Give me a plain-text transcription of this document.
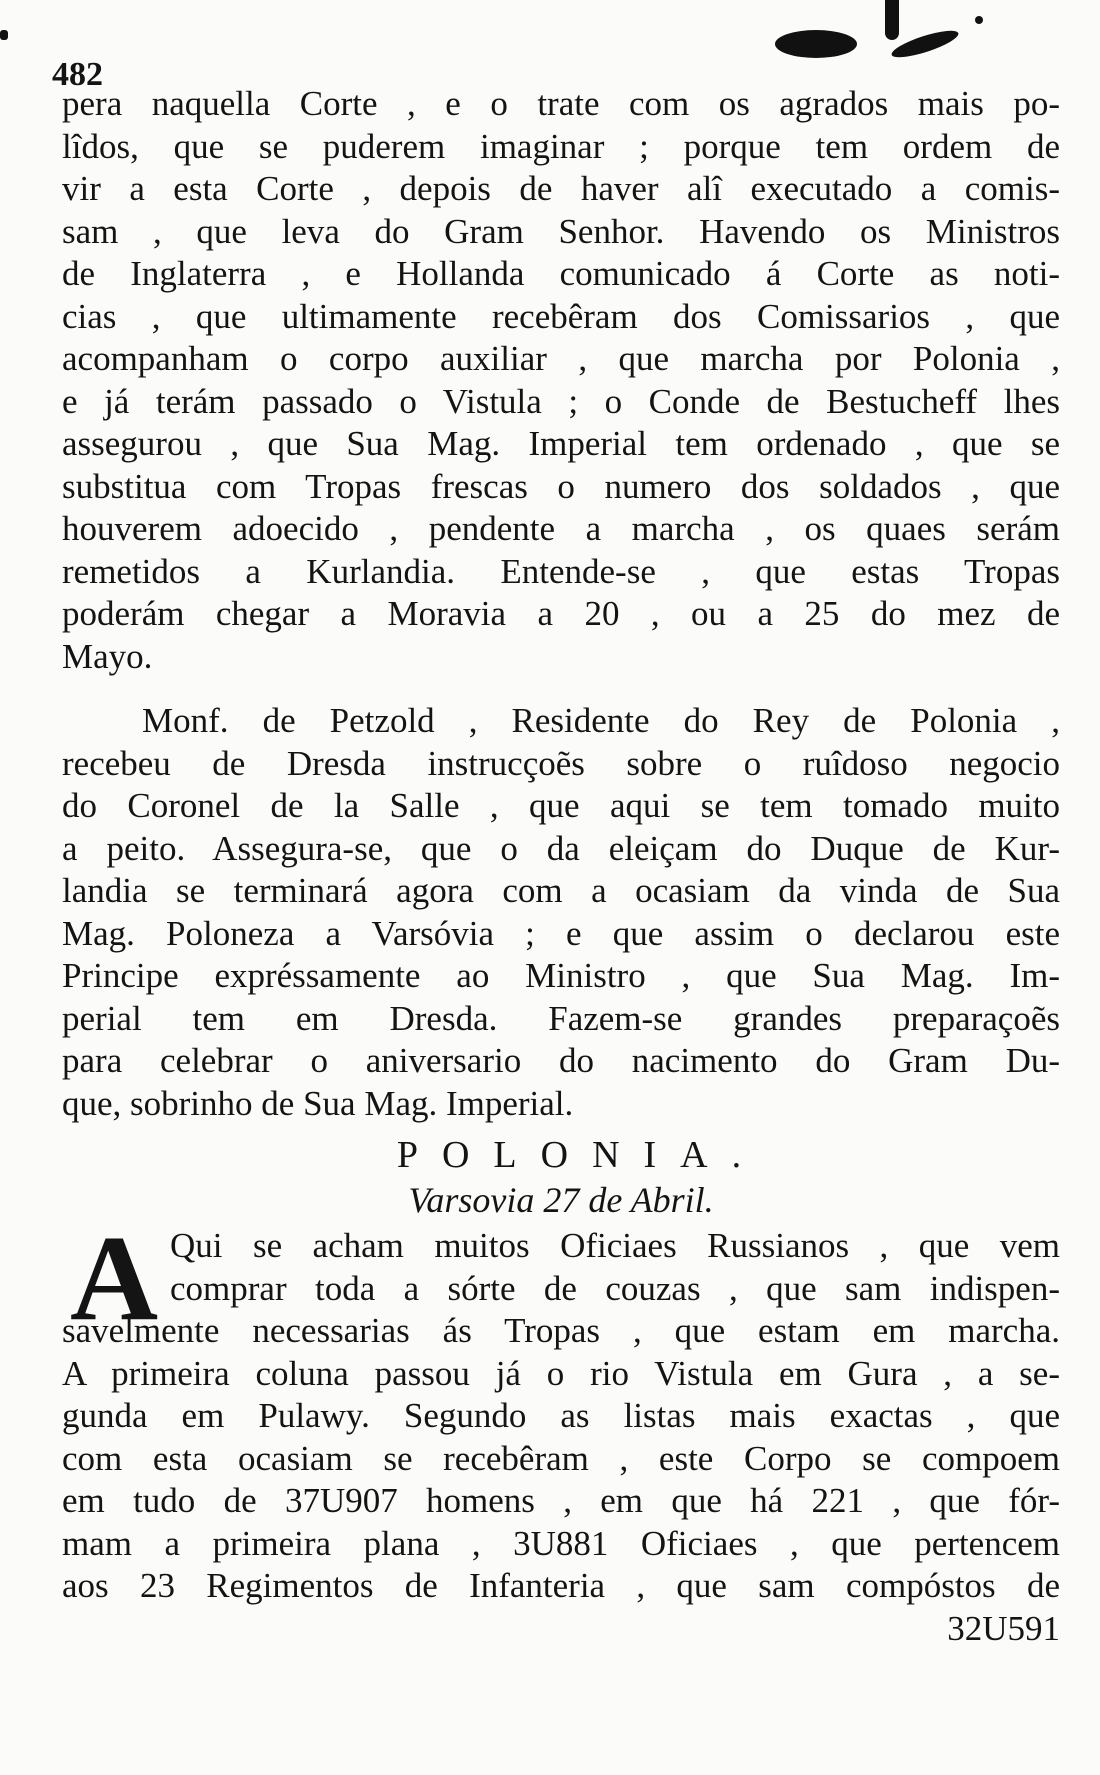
482
pera naquella Corte , e o trate com os agrados mais po-
lîdos, que se puderem imaginar ; porque tem ordem de
vir a esta Corte , depois de haver alî executado a comis-
sam , que leva do Gram Senhor. Havendo os Ministros
de Inglaterra , e Hollanda comunicado á Corte as noti-
cias , que ultimamente recebêram dos Comissarios , que
acompanham o corpo auxiliar , que marcha por Polonia ,
e já terám passado o Vistula ; o Conde de Bestucheff lhes
assegurou , que Sua Mag. Imperial tem ordenado , que se
substitua com Tropas frescas o numero dos soldados , que
houverem adoecido , pendente a marcha , os quaes serám
remetidos a Kurlandia. Entende-se , que estas Tropas
poderám chegar a Moravia a 20 , ou a 25 do mez de
Mayo.
Monf. de Petzold , Residente do Rey de Polonia ,
recebeu de Dresda instrucçoẽs sobre o ruîdoso negocio
do Coronel de la Salle , que aqui se tem tomado muito
a peito. Assegura-se, que o da eleiçam do Duque de Kur-
landia se terminará agora com a ocasiam da vinda de Sua
Mag. Poloneza a Varsóvia ; e que assim o declarou este
Principe expréssamente ao Ministro , que Sua Mag. Im-
perial tem em Dresda. Fazem-se grandes preparaçoẽs
para celebrar o aniversario do nacimento do Gram Du-
que, sobrinho de Sua Mag. Imperial.
POLONIA.
Varsovia 27 de Abril.
A Qui se acham muitos Oficiaes Russianos , que vem
comprar toda a sórte de couzas , que sam indispen-
savelmente necessarias ás Tropas , que estam em marcha.
A primeira coluna passou já o rio Vistula em Gura , a se-
gunda em Pulawy. Segundo as listas mais exactas , que
com esta ocasiam se recebêram , este Corpo se compoem
em tudo de 37U907 homens , em que há 221 , que fór-
mam a primeira plana , 3U881 Oficiaes , que pertencem
aos 23 Regimentos de Infanteria , que sam compóstos de
32U591
